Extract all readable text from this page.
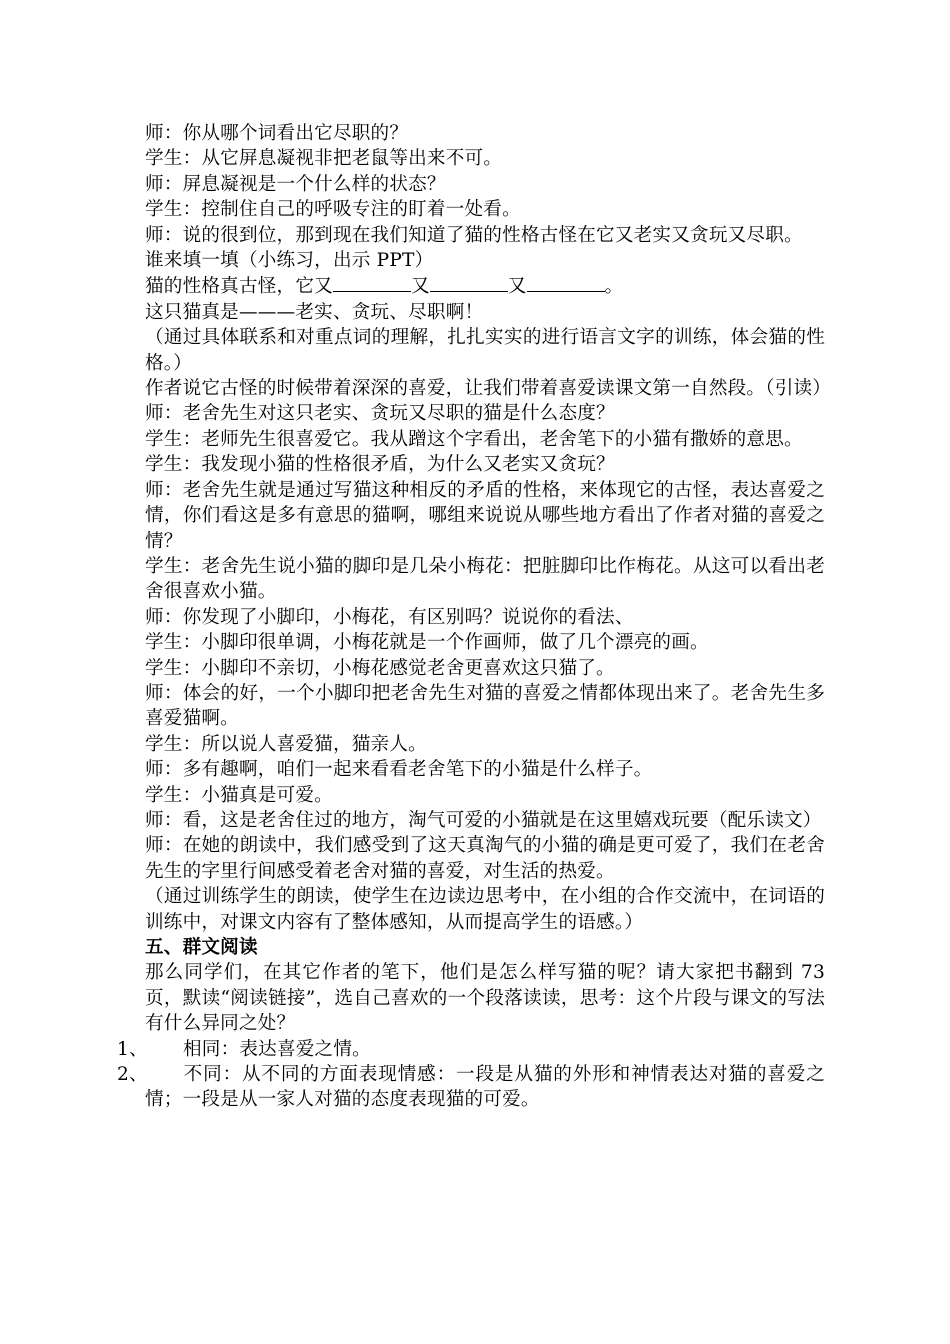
师：你从哪个词看出它尽职的？

学生：从它屏息凝视非把老鼠等出来不可。

师：屏息凝视是一个什么样的状态？

学生：控制住自己的呼吸专注的盯着一处看。

师：说的很到位，那到现在我们知道了猫的性格古怪在它又老实又贪玩又尽职。

谁来填一填（小练习，出示 PPT）

猫的性格真古怪，它又	又	又	。

这只猫真是———老实、贪玩、尽职啊！

（通过具体联系和对重点词的理解，扎扎实实的进行语言文字的训练，体会猫的性格。）

作者说它古怪的时候带着深深的喜爱，让我们带着喜爱读课文第一自然段。（引读）

师：老舍先生对这只老实、贪玩又尽职的猫是什么态度？

学生：老师先生很喜爱它。我从蹭这个字看出，老舍笔下的小猫有撒娇的意思。

学生：我发现小猫的性格很矛盾，为什么又老实又贪玩？

师：老舍先生就是通过写猫这种相反的矛盾的性格，来体现它的古怪，表达喜爱之情，你们看这是多有意思的猫啊，哪组来说说从哪些地方看出了作者对猫的喜爱之情？

学生：老舍先生说小猫的脚印是几朵小梅花：把脏脚印比作梅花。从这可以看出老舍很喜欢小猫。

师：你发现了小脚印，小梅花，有区别吗？说说你的看法、

学生：小脚印很单调，小梅花就是一个作画师，做了几个漂亮的画。

学生：小脚印不亲切，小梅花感觉老舍更喜欢这只猫了。

师：体会的好，一个小脚印把老舍先生对猫的喜爱之情都体现出来了。老舍先生多喜爱猫啊。

学生：所以说人喜爱猫，猫亲人。

师：多有趣啊，咱们一起来看看老舍笔下的小猫是什么样子。

学生：小猫真是可爱。

师：看，这是老舍住过的地方，淘气可爱的小猫就是在这里嬉戏玩要（配乐读文）

师：在她的朗读中，我们感受到了这天真淘气的小猫的确是更可爱了，我们在老舍先生的字里行间感受着老舍对猫的喜爱，对生活的热爱。

（通过训练学生的朗读，使学生在边读边思考中，在小组的合作交流中，在词语的训练中，对课文内容有了整体感知，从而提高学生的语感。）

五、群文阅读

那么同学们，在其它作者的笔下，他们是怎么样写猫的呢？请大家把书翻到 73 页，默读“阅读链接”，选自己喜欢的一个段落读读，思考：这个片段与课文的写法有什么异同之处？

1、 相同：表达喜爱之情。

2、 不同：从不同的方面表现情感：一段是从猫的外形和神情表达对猫的喜爱之情；一段是从一家人对猫的态度表现猫的可爱。
